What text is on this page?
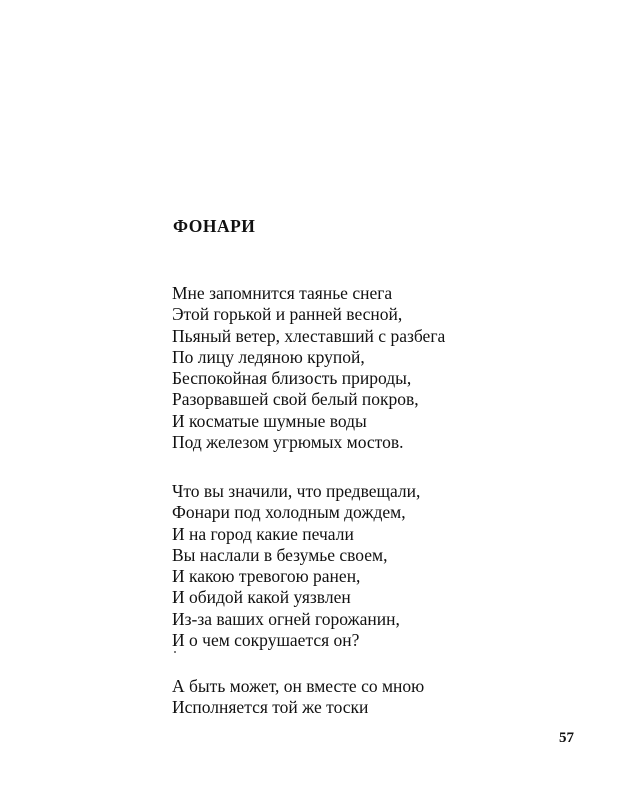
ФОНАРИ
Мне запомнится таянье снега
Этой горькой и ранней весной,
Пьяный ветер, хлеставший с разбега
По лицу ледяною крупой,
Беспокойная близость природы,
Разорвавшей свой белый покров,
И косматые шумные воды
Под железом угрюмых мостов.
Что вы значили, что предвещали,
Фонари под холодным дождем,
И на город какие печали
Вы наслали в безумье своем,
И какою тревогою ранен,
И обидой какой уязвлен
Из-за ваших огней горожанин,
И о чем сокрушается он?
А быть может, он вместе со мною
Исполняется той же тоски
57
